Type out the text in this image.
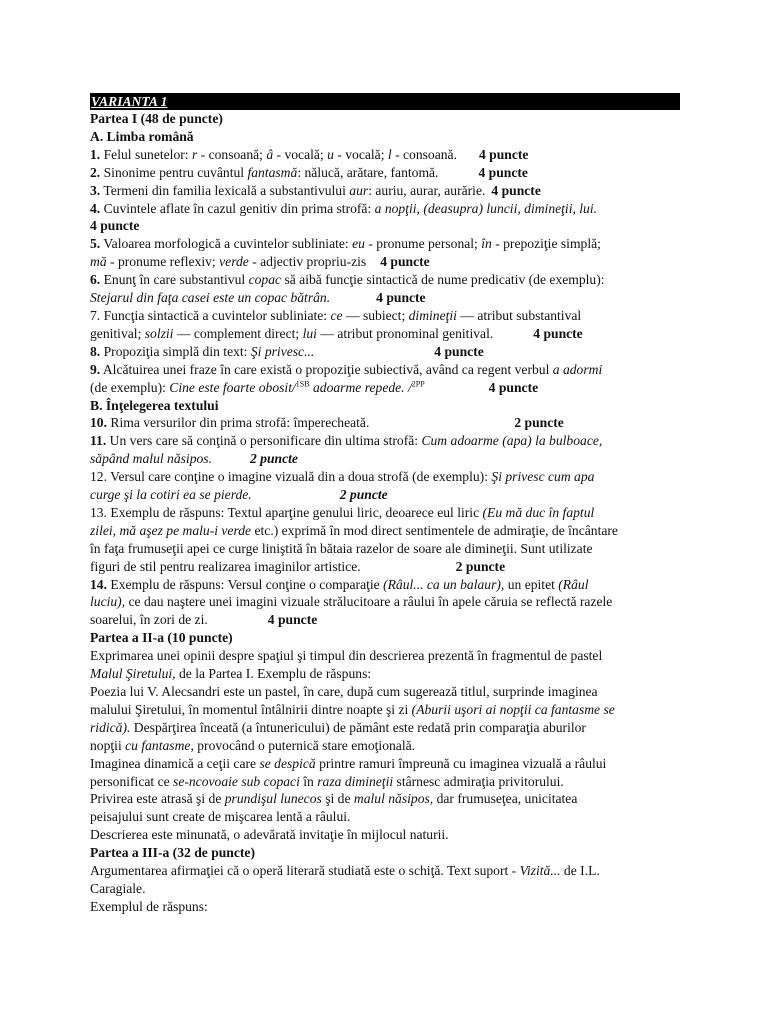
VARIANTA 1
Partea I (48 de puncte)
A. Limba română
1. Felul sunetelor: r - consoană; â - vocală; u - vocală; l - consoană. 4 puncte
2. Sinonime pentru cuvântul fantasmă: nălucă, arătare, fantomă.	4 puncte
3. Termeni din familia lexicală a substantivului aur: auriu, aurar, aurărie. 4 puncte
4. Cuvintele aflate în cazul genitiv din prima strofă: a nopţii, (deasupra) luncii, dimineţii, lui.
4 puncte
5. Valoarea morfologică a cuvintelor subliniate: eu - pronume personal; în - prepoziţie simplă;
mă - pronume reflexiv; verde - adjectiv propriu-zis 4 puncte
6. Enunţ în care substantivul copac să aibă funcţie sintactică de nume predicativ (de exemplu):
Stejarul din faţa casei este un copac bătrân.	4 puncte
7. Funcţia sintactică a cuvintelor subliniate: ce — subiect; dimineţii — atribut substantival
genitival; solzii — complement direct; lui — atribut pronominal genitival.	4 puncte
8. Propoziţia simplă din text: Şi privesc...	4 puncte
9. Alcătuirea unei fraze în care există o propoziţie subiectivă, având ca regent verbul a adormi
(de exemplu): Cine este foarte obosit/$^{1SB}$ adoarme repede. /$^{2PP}$	4 puncte
B. Înţelegerea textului
10. Rima versurilor din prima strofă: împerecheată.	2 puncte
11. Un vers care să conţină o personificare din ultima strofă: Cum adoarme (apa) la bulboace,
săpând malul năsipos.	2 puncte
12. Versul care conţine o imagine vizuală din a doua strofă (de exemplu): Şi privesc cum apa
curge şi la cotiri ea se pierde.	2 puncte
13. Exemplu de răspuns: Textul aparţine genului liric, deoarece eul liric (Eu mă duc în faptul
zilei, mă aşez pe malu-i verde etc.) exprimă în mod direct sentimentele de admiraţie, de încântare
în faţa frumuseţii apei ce curge liniştită în bătaia razelor de soare ale dimineţii. Sunt utilizate
figuri de stil pentru realizarea imaginilor artistice.	2 puncte
14. Exemplu de răspuns: Versul conţine o comparaţie (Râul... ca un balaur), un epitet (Râul
luciu), ce dau naştere unei imagini vizuale strălucitoare a râului în apele căruia se reflectă razele
soarelui, în zori de zi.	4 puncte
Partea a II-a (10 puncte)
Exprimarea unei opinii despre spaţiul şi timpul din descrierea prezentă în fragmentul de pastel
Malul Şiretului, de la Partea I. Exemplu de răspuns:
Poezia lui V. Alecsandri este un pastel, în care, după cum sugerează titlul, surprinde imaginea
malului Şiretului, în momentul întâlnirii dintre noapte şi zi (Aburii uşori ai nopţii ca fantasme se
ridică). Despărţirea înceată (a întunericului) de pământ este redată prin comparaţia aburilor
nopţii cu fantasme, provocând o puternică stare emoţională.
Imaginea dinamică a ceţii care se despică printre ramuri împreună cu imaginea vizuală a râului
personificat ce se-ncovoaie sub copaci în raza dimineţii stârnesc admiraţia privitorului.
Privirea este atrasă şi de prundişul lunecos şi de malul năsipos, dar frumuseţea, unicitatea
peisajului sunt create de mişcarea lentă a râului.
Descrierea este minunată, o adevărată invitaţie în mijlocul naturii.
Partea a III-a (32 de puncte)
Argumentarea afirmaţiei că o operă literară studiată este o schiţă. Text suport - Vizită... de I.L.
Caragiale.
Exemplul de răspuns:
